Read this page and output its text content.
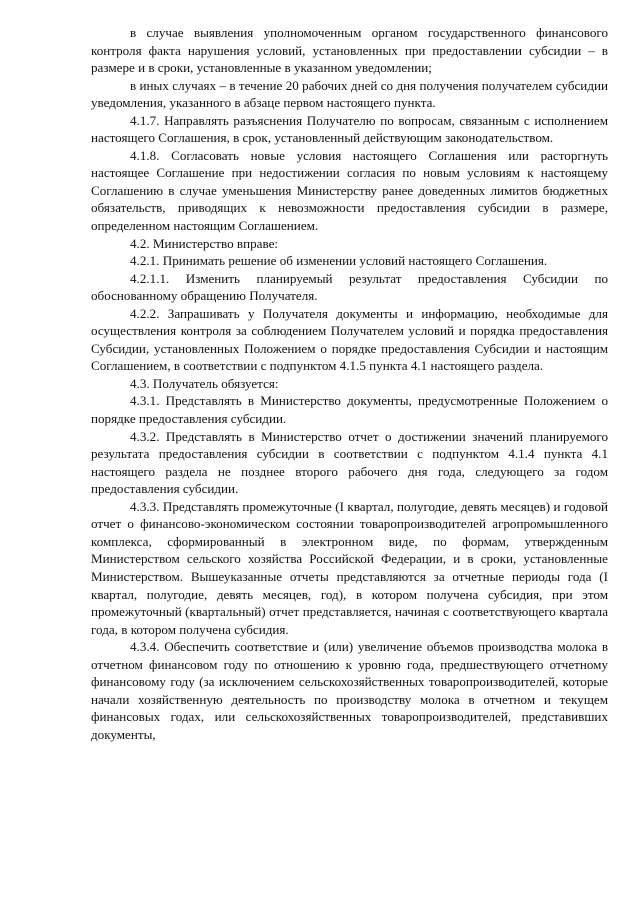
в случае выявления уполномоченным органом государственного финансового контроля факта нарушения условий, установленных при предоставлении субсидии – в размере и в сроки, установленные в указанном уведомлении;

в иных случаях – в течение 20 рабочих дней со дня получения получателем субсидии уведомления, указанного в абзаце первом настоящего пункта.

4.1.7. Направлять разъяснения Получателю по вопросам, связанным с исполнением настоящего Соглашения, в срок, установленный действующим законодательством.

4.1.8. Согласовать новые условия настоящего Соглашения или расторгнуть настоящее Соглашение при недостижении согласия по новым условиям к настоящему Соглашению в случае уменьшения Министерству ранее доведенных лимитов бюджетных обязательств, приводящих к невозможности предоставления субсидии в размере, определенном настоящим Соглашением.

4.2. Министерство вправе:

4.2.1. Принимать решение об изменении условий настоящего Соглашения.

4.2.1.1. Изменить планируемый результат предоставления Субсидии по обоснованному обращению Получателя.

4.2.2. Запрашивать у Получателя документы и информацию, необходимые для осуществления контроля за соблюдением Получателем условий и порядка предоставления Субсидии, установленных Положением о порядке предоставления Субсидии и настоящим Соглашением, в соответствии с подпунктом 4.1.5 пункта 4.1 настоящего раздела.

4.3. Получатель обязуется:

4.3.1. Представлять в Министерство документы, предусмотренные Положением о порядке предоставления субсидии.

4.3.2. Представлять в Министерство отчет о достижении значений планируемого результата предоставления субсидии в соответствии с подпунктом 4.1.4 пункта 4.1 настоящего раздела не позднее второго рабочего дня года, следующего за годом предоставления субсидии.

4.3.3. Представлять промежуточные (I квартал, полугодие, девять месяцев) и годовой отчет о финансово-экономическом состоянии товаропроизводителей агропромышленного комплекса, сформированный в электронном виде, по формам, утвержденным Министерством сельского хозяйства Российской Федерации, и в сроки, установленные Министерством. Вышеуказанные отчеты представляются за отчетные периоды года (I квартал, полугодие, девять месяцев, год), в котором получена субсидия, при этом промежуточный (квартальный) отчет представляется, начиная с соответствующего квартала года, в котором получена субсидия.

4.3.4. Обеспечить соответствие и (или) увеличение объемов производства молока в отчетном финансовом году по отношению к уровню года, предшествующего отчетному финансовому году (за исключением сельскохозяйственных товаропроизводителей, которые начали хозяйственную деятельность по производству молока в отчетном и текущем финансовых годах, или сельскохозяйственных товаропроизводителей, представивших документы,
